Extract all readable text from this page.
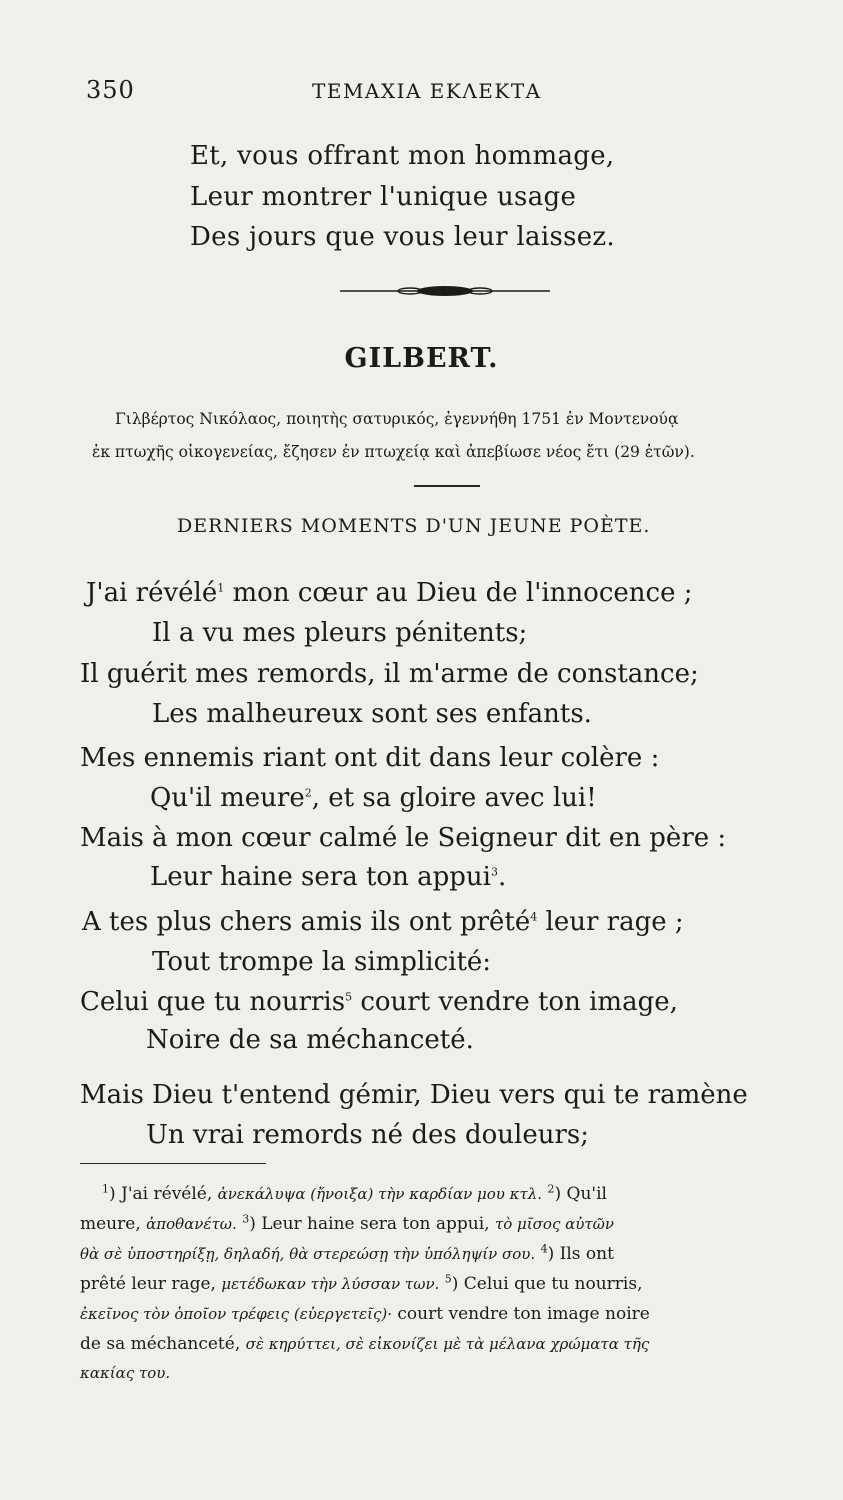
350	ΤΕΜΑΧΙΑ ΕΚΛΕΚΤΑ
Et, vous offrant mon hommage,
Leur montrer l'unique usage
Des jours que vous leur laissez.
GILBERT.
Γιλβέρτος Νικόλαος, ποιητὴς σατυρικός, ἐγεννήθη 1751 ἐν Μοντενούᾳ
ἐκ πτωχῆς οἰκογενείας, ἔζησεν ἐν πτωχείᾳ καὶ ἀπεβίωσε νέος ἔτι (29 ἐτῶν).
DERNIERS MOMENTS D'UN JEUNE POÈTE.
J'ai révélé$^1$ mon cœur au Dieu de l'innocence ;
Il a vu mes pleurs pénitents;
Il guérit mes remords, il m'arme de constance;
Les malheureux sont ses enfants.
Mes ennemis riant ont dit dans leur colère :
Qu'il meure$^2$, et sa gloire avec lui!
Mais à mon cœur calmé le Seigneur dit en père :
Leur haine sera ton appui$^3$.
A tes plus chers amis ils ont prêté$^4$ leur rage ;
Tout trompe la simplicité:
Celui que tu nourris$^5$ court vendre ton image,
Noire de sa méchanceté.
Mais Dieu t'entend gémir, Dieu vers qui te ramène
Un vrai remords né des douleurs;
$^1$) J'ai révélé, ἀνεκάλυψα (ἤνοιξα) τὴν καρδίαν μου κτλ. $^2$) Qu'il
meure, ἀποθανέτω. $^3$) Leur haine sera ton appui, τὸ μῖσος αὐτῶν
θὰ σὲ ὑποστηρίξῃ, δηλαδή, θὰ στερεώσῃ τὴν ὑπόληψίν σου. $^4$) Ils ont
prêté leur rage, μετέδωκαν τὴν λύσσαν των. $^5$) Celui que tu nourris,
ἐκεῖνος τὸν ὁποῖον τρέφεις (εὐεργετεῖς)· court vendre ton image noire
de sa méchanceté, σὲ κηρύττει, σὲ εἰκονίζει μὲ τὰ μέλανα χρώματα τῆς
κακίας του.
